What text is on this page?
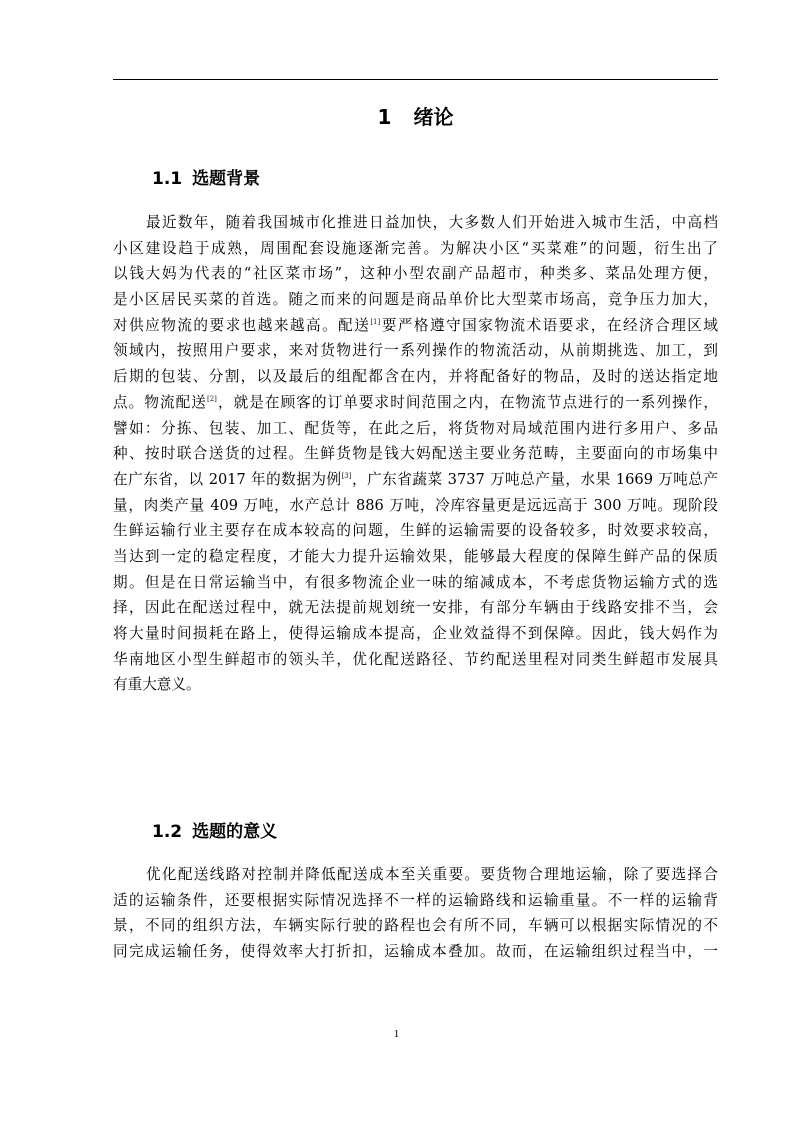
1 绪论
1.1 选题背景

最近数年，随着我国城市化推进日益加快，大多数人们开始进入城市生活，中高档
小区建设趋于成熟，周围配套设施逐渐完善。为解决小区“买菜难”的问题，衍生出了
以钱大妈为代表的“社区菜市场”，这种小型农副产品超市，种类多、菜品处理方便，
是小区居民买菜的首选。随之而来的问题是商品单价比大型菜市场高，竞争压力加大，
对供应物流的要求也越来越高。配送[1]要严格遵守国家物流术语要求，在经济合理区域
领域内，按照用户要求，来对货物进行一系列操作的物流活动，从前期挑选、加工，到
后期的包装、分割，以及最后的组配都含在内，并将配备好的物品，及时的送达指定地
点。物流配送[2]，就是在顾客的订单要求时间范围之内，在物流节点进行的一系列操作，
譬如：分拣、包装、加工、配货等，在此之后，将货物对局域范围内进行多用户、多品
种、按时联合送货的过程。生鲜货物是钱大妈配送主要业务范畴，主要面向的市场集中
在广东省，以 2017 年的数据为例[3]，广东省蔬菜 3737 万吨总产量，水果 1669 万吨总产
量，肉类产量 409 万吨，水产总计 886 万吨，冷库容量更是远远高于 300 万吨。现阶段
生鲜运输行业主要存在成本较高的问题，生鲜的运输需要的设备较多，时效要求较高，
当达到一定的稳定程度，才能大力提升运输效果，能够最大程度的保障生鲜产品的保质
期。但是在日常运输当中，有很多物流企业一味的缩减成本，不考虑货物运输方式的选
择，因此在配送过程中，就无法提前规划统一安排，有部分车辆由于线路安排不当，会
将大量时间损耗在路上，使得运输成本提高，企业效益得不到保障。因此，钱大妈作为
华南地区小型生鲜超市的领头羊，优化配送路径、节约配送里程对同类生鲜超市发展具
有重大意义。

1.2 选题的意义

优化配送线路对控制并降低配送成本至关重要。要货物合理地运输，除了要选择合
适的运输条件，还要根据实际情况选择不一样的运输路线和运输重量。不一样的运输背
景，不同的组织方法，车辆实际行驶的路程也会有所不同，车辆可以根据实际情况的不
同完成运输任务，使得效率大打折扣，运输成本叠加。故而，在运输组织过程当中，一

1
